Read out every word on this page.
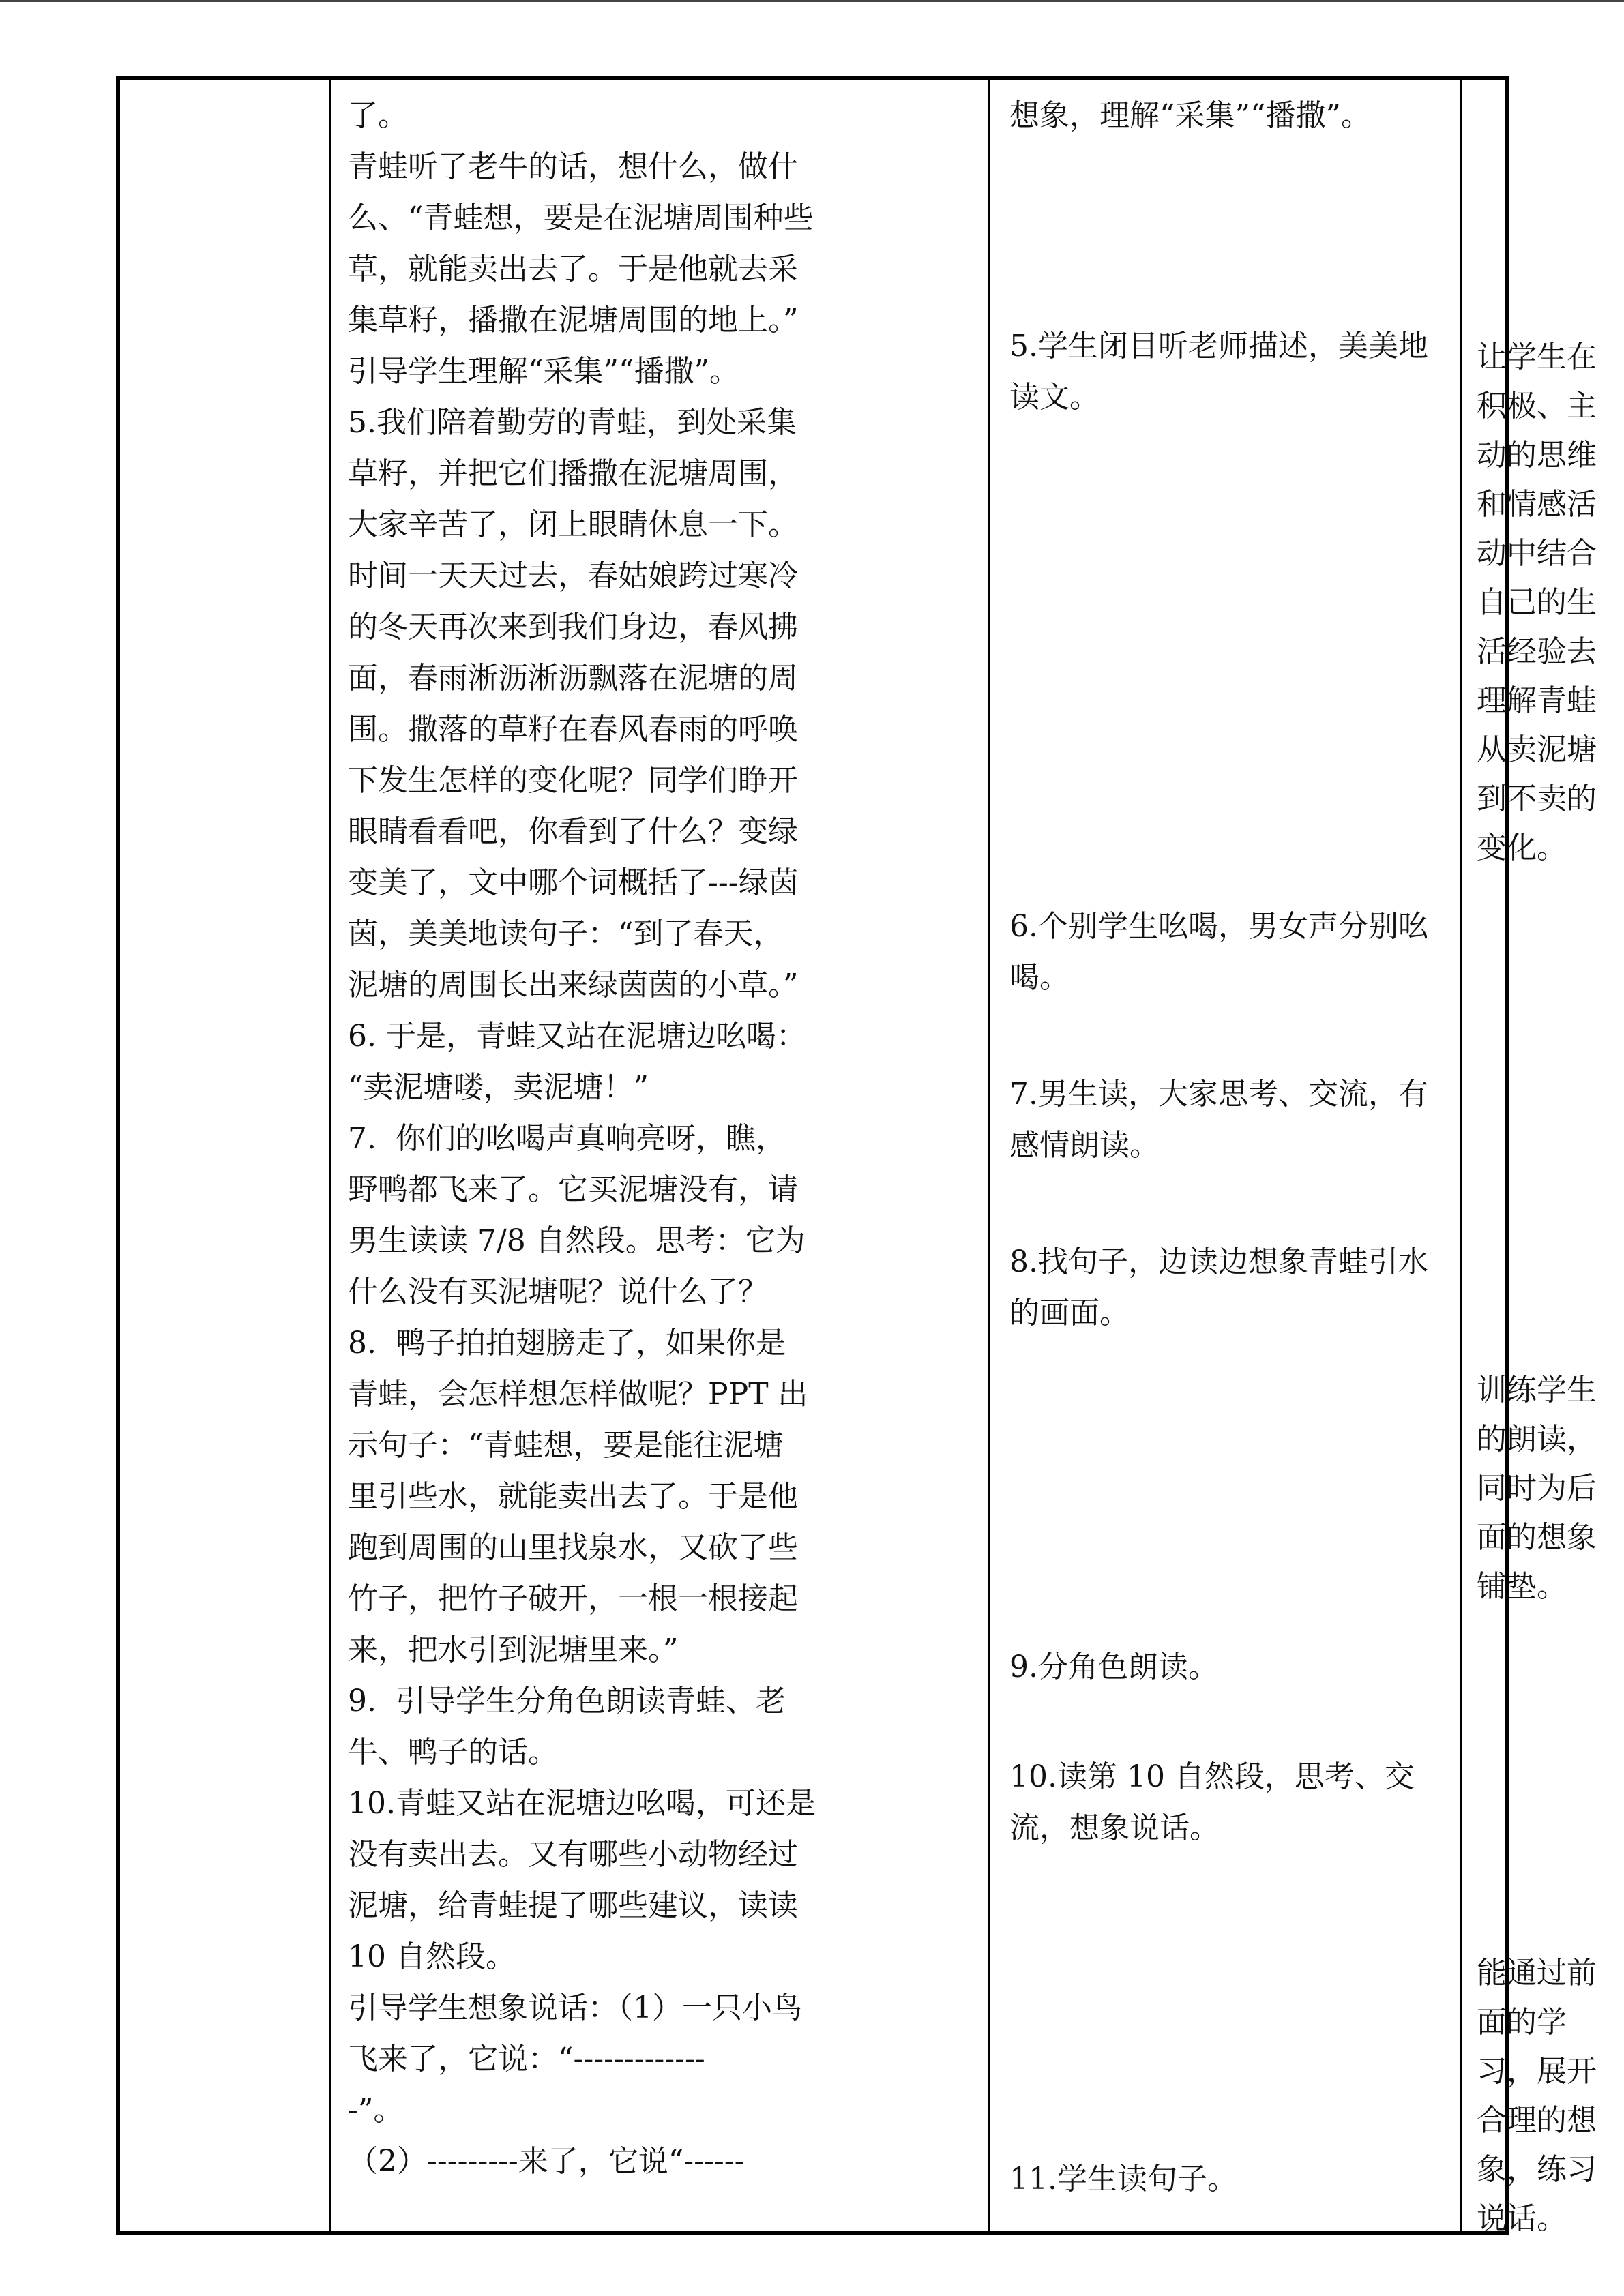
了。

青蛙听了老牛的话，想什么，做什

么、“青蛙想，要是在泥塘周围种些

草，就能卖出去了。于是他就去采

集草籽，播撒在泥塘周围的地上。”

引导学生理解“采集”“播撒”。

5.我们陪着勤劳的青蛙，到处采集

草籽，并把它们播撒在泥塘周围，

大家辛苦了，闭上眼睛休息一下。

时间一天天过去，春姑娘跨过寒冷

的冬天再次来到我们身边，春风拂

面，春雨淅沥淅沥飘落在泥塘的周

围。撒落的草籽在春风春雨的呼唤

下发生怎样的变化呢？同学们睁开

眼睛看看吧，你看到了什么？变绿

变美了，文中哪个词概括了---绿茵

茵，美美地读句子：“到了春天，

泥塘的周围长出来绿茵茵的小草。”

6. 于是，青蛙又站在泥塘边吆喝：

“卖泥塘喽，卖泥塘！”

7.  你们的吆喝声真响亮呀，瞧，

野鸭都飞来了。它买泥塘没有，请

男生读读 7/8 自然段。思考：它为

什么没有买泥塘呢？说什么了？

8.  鸭子拍拍翅膀走了，如果你是

青蛙，会怎样想怎样做呢？PPT 出

示句子：“青蛙想，要是能往泥塘

里引些水，就能卖出去了。于是他

跑到周围的山里找泉水，又砍了些

竹子，把竹子破开，一根一根接起

来，把水引到泥塘里来。”

9.  引导学生分角色朗读青蛙、老

牛、鸭子的话。

10.青蛙又站在泥塘边吆喝，可还是

没有卖出去。又有哪些小动物经过

泥塘，给青蛙提了哪些建议，读读

10 自然段。

引导学生想象说话：（1）一只小鸟

飞来了，它说：“-------------

-”。

（2）---------来了，它说“------

想象，理解“采集”“播撒”。

5.学生闭目听老师描述，美美地读文。

6.个别学生吆喝，男女声分别吆喝。

7.男生读，大家思考、交流，有感情朗读。

8.找句子，边读边想象青蛙引水的画面。

9.分角色朗读。

10.读第 10 自然段，思考、交流，想象说话。

11.学生读句子。

让学生在积极、主动的思维和情感活动中结合自己的生活经验去理解青蛙从卖泥塘到不卖的变化。

训练学生的朗读，同时为后面的想象铺垫。

能通过前面的学习，展开合理的想象，练习说话。
